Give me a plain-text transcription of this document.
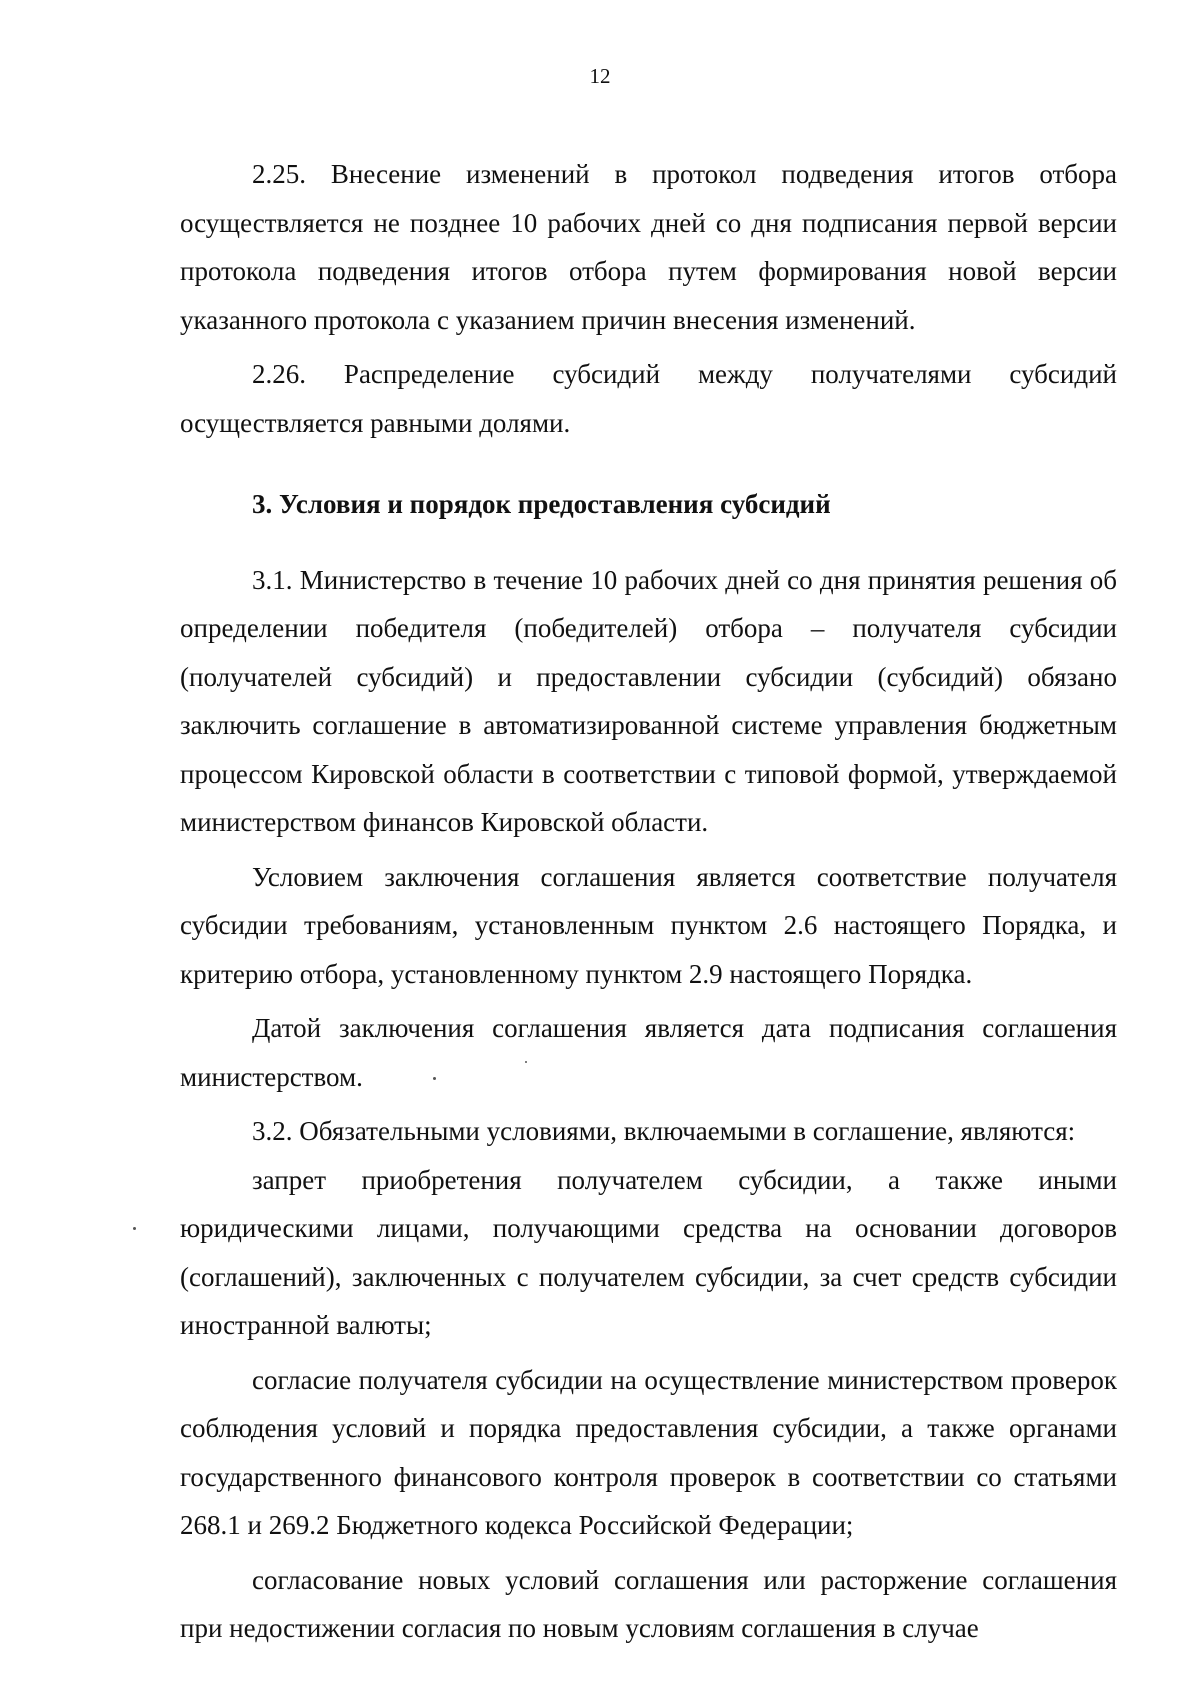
12

2.25. Внесение изменений в протокол подведения итогов отбора осуществляется не позднее 10 рабочих дней со дня подписания первой версии протокола подведения итогов отбора путем формирования новой версии указанного протокола с указанием причин внесения изменений.

2.26. Распределение субсидий между получателями субсидий осуществляется равными долями.

3. Условия и порядок предоставления субсидий

3.1. Министерство в течение 10 рабочих дней со дня принятия решения об определении победителя (победителей) отбора – получателя субсидии (получателей субсидий) и предоставлении субсидии (субсидий) обязано заключить соглашение в автоматизированной системе управления бюджетным процессом Кировской области в соответствии с типовой формой, утверждаемой министерством финансов Кировской области.

Условием заключения соглашения является соответствие получателя субсидии требованиям, установленным пунктом 2.6 настоящего Порядка, и критерию отбора, установленному пунктом 2.9 настоящего Порядка.

Датой заключения соглашения является дата подписания соглашения министерством.

3.2. Обязательными условиями, включаемыми в соглашение, являются:

запрет приобретения получателем субсидии, а также иными юридическими лицами, получающими средства на основании договоров (соглашений), заключенных с получателем субсидии, за счет средств субсидии иностранной валюты;

согласие получателя субсидии на осуществление министерством проверок соблюдения условий и порядка предоставления субсидии, а также органами государственного финансового контроля проверок в соответствии со статьями 268.1 и 269.2 Бюджетного кодекса Российской Федерации;

согласование новых условий соглашения или расторжение соглашения при недостижении согласия по новым условиям соглашения в случае
